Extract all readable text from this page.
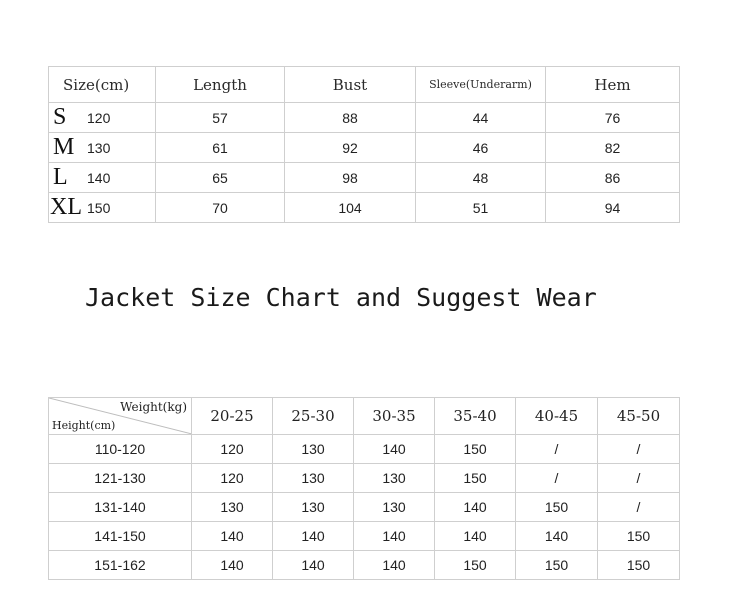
Size(cm)	Length	Bust	Sleeve(Underarm)	Hem

S 120	57	88	44	76

M 130	61	92	46	82

L 140	65	98	48	86

XL 150	70	104	51	94
Jacket Size Chart and Suggest Wear
Weight(kg)
Height(cm)	20-25	25-30	30-35	35-40	40-45	45-50
110-120	120	130	140	150	/	/
121-130	120	130	130	150	/	/
131-140	130	130	130	140	150	/
141-150	140	140	140	140	140	150
151-162	140	140	140	150	150	150
